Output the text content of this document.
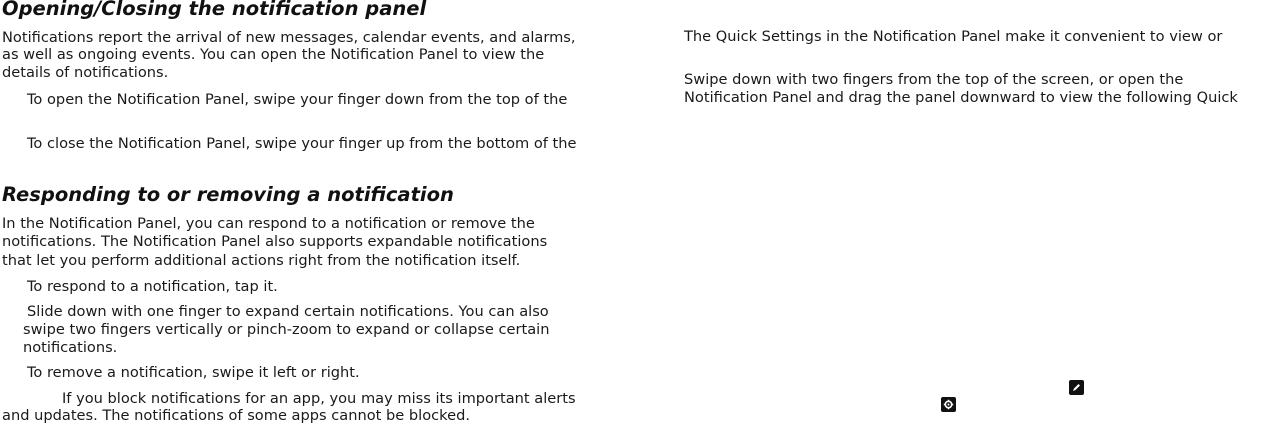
Opening/Closing the notification panel
Notifications report the arrival of new messages, calendar events, and alarms,
as well as ongoing events. You can open the Notification Panel to view the
details of notifications.
To open the Notification Panel, swipe your finger down from the top of the
To close the Notification Panel, swipe your finger up from the bottom of the
Responding to or removing a notification
In the Notification Panel, you can respond to a notification or remove the
notifications. The Notification Panel also supports expandable notifications
that let you perform additional actions right from the notification itself.
To respond to a notification, tap it.
Slide down with one finger to expand certain notifications. You can also
swipe two fingers vertically or pinch-zoom to expand or collapse certain
notifications.
To remove a notification, swipe it left or right.
If you block notifications for an app, you may miss its important alerts
and updates. The notifications of some apps cannot be blocked.
The Quick Settings in the Notification Panel make it convenient to view or
Swipe down with two fingers from the top of the screen, or open the
Notification Panel and drag the panel downward to view the following Quick
